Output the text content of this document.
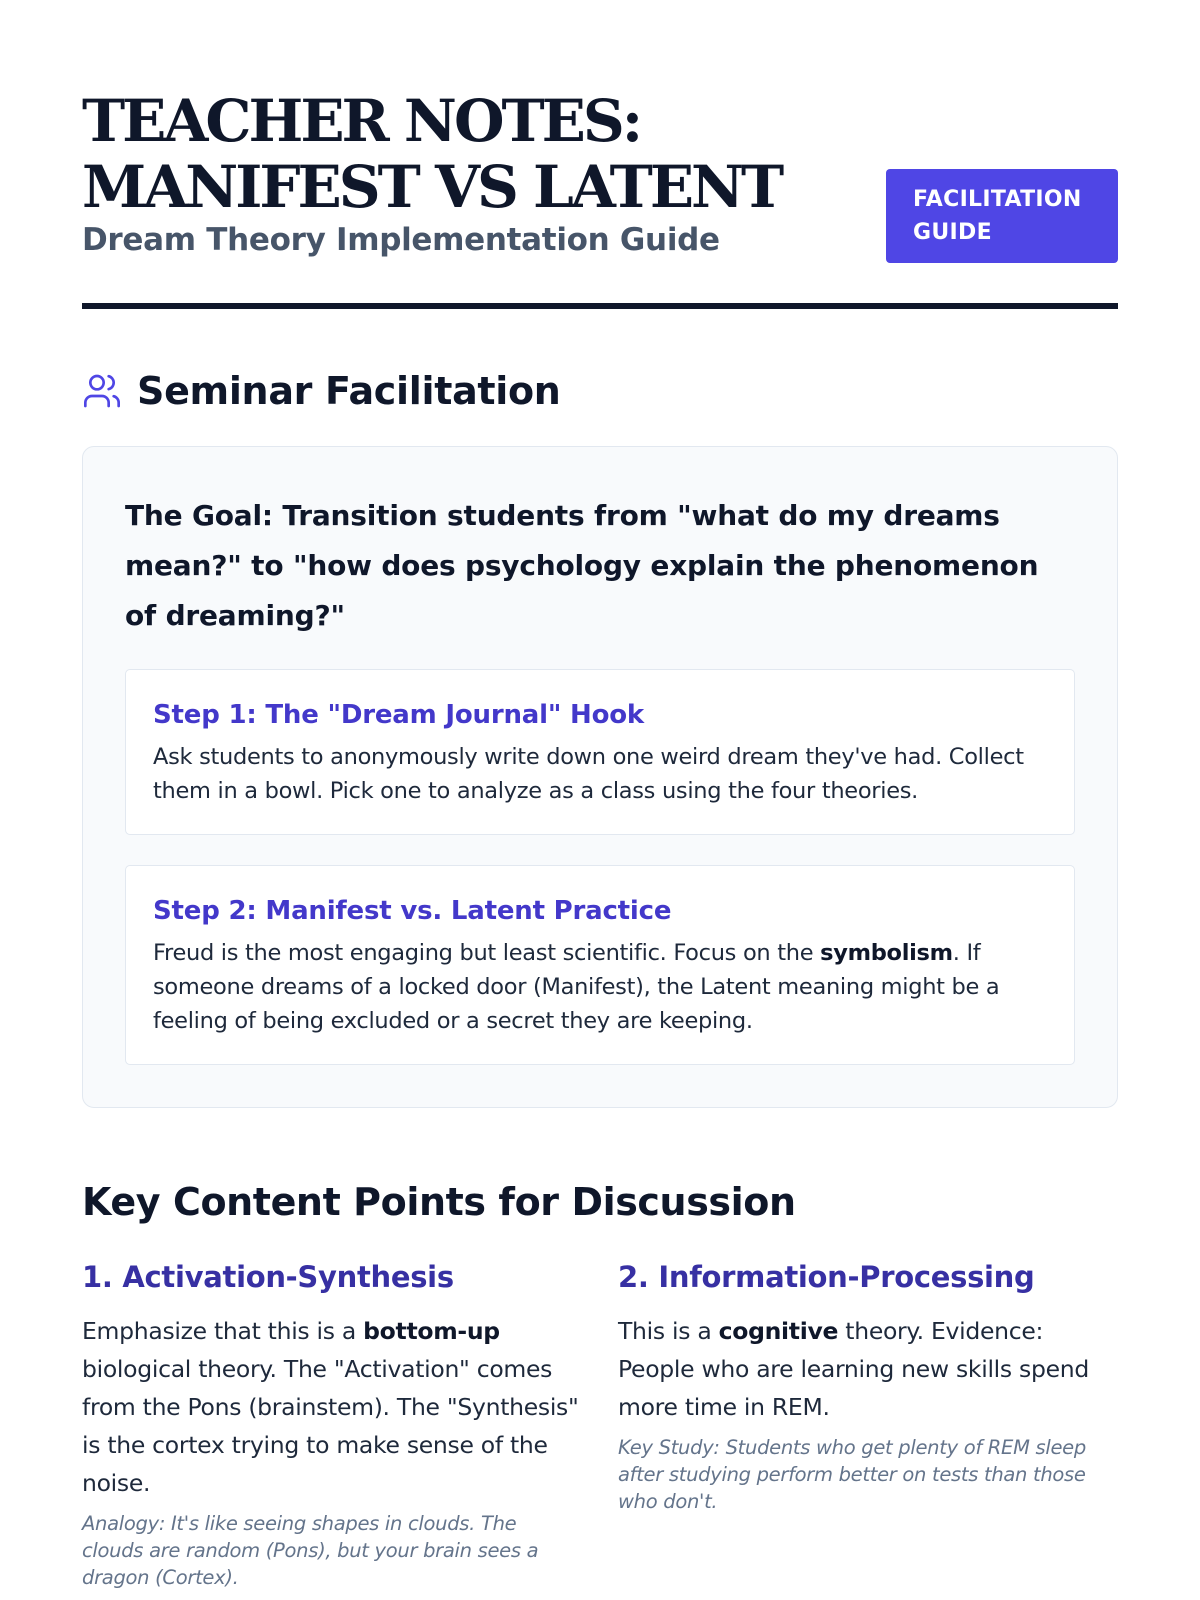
TEACHER NOTES: MANIFEST VS LATENT
Dream Theory Implementation Guide
FACILITATION GUIDE
Seminar Facilitation

The Goal: Transition students from "what do my dreams mean?" to "how does psychology explain the phenomenon of dreaming?"

Step 1: The "Dream Journal" Hook

Ask students to anonymously write down one weird dream they've had. Collect them in a bowl. Pick one to analyze as a class using the four theories.

Step 2: Manifest vs. Latent Practice

Freud is the most engaging but least scientific. Focus on the symbolism. If someone dreams of a locked door (Manifest), the Latent meaning might be a feeling of being excluded or a secret they are keeping.

Key Content Points for Discussion
1. Activation-Synthesis

Emphasize that this is a bottom-up biological theory. The "Activation" comes from the Pons (brainstem). The "Synthesis" is the cortex trying to make sense of the noise.

Analogy: It's like seeing shapes in clouds. The clouds are random (Pons), but your brain sees a dragon (Cortex).

2. Information-Processing

This is a cognitive theory. Evidence: People who are learning new skills spend more time in REM.

Key Study: Students who get plenty of REM sleep after studying perform better on tests than those who don't.
